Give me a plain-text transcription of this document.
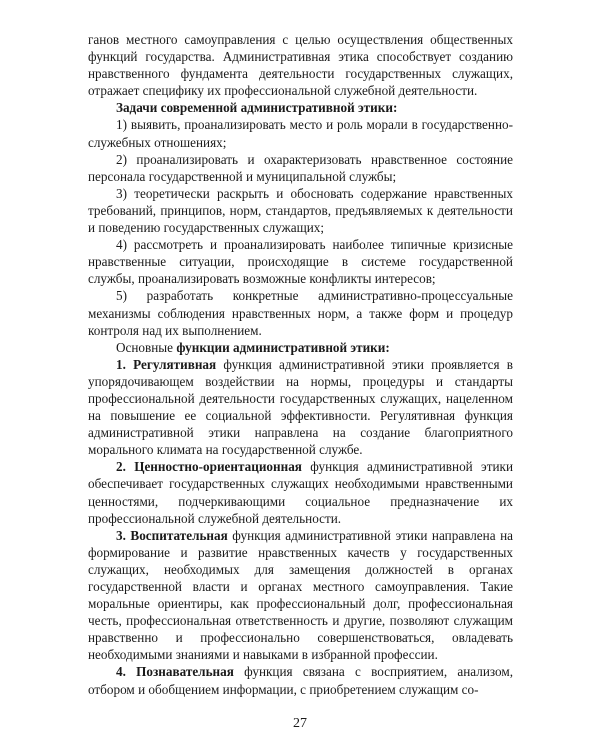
ганов местного самоуправления с целью осуществления общественных функций государства. Административная этика способствует созданию нравственного фундамента деятельности государственных служащих, отражает специфику их профессиональной служебной деятельности.

Задачи современной административной этики:

1) выявить, проанализировать место и роль морали в государственно-служебных отношениях;

2) проанализировать и охарактеризовать нравственное состояние персонала государственной и муниципальной службы;

3) теоретически раскрыть и обосновать содержание нравственных требований, принципов, норм, стандартов, предъявляемых к деятельности и поведению государственных служащих;

4) рассмотреть и проанализировать наиболее типичные кризисные нравственные ситуации, происходящие в системе государственной службы, проанализировать возможные конфликты интересов;

5) разработать конкретные административно-процессуальные механизмы соблюдения нравственных норм, а также форм и процедур контроля над их выполнением.

Основные функции административной этики:

1. Регулятивная функция административной этики проявляется в упорядочивающем воздействии на нормы, процедуры и стандарты профессиональной деятельности государственных служащих, нацеленном на повышение ее социальной эффективности. Регулятивная функция административной этики направлена на создание благоприятного морального климата на государственной службе.

2. Ценностно-ориентационная функция административной этики обеспечивает государственных служащих необходимыми нравственными ценностями, подчеркивающими социальное предназначение их профессиональной служебной деятельности.

3. Воспитательная функция административной этики направлена на формирование и развитие нравственных качеств у государственных служащих, необходимых для замещения должностей в органах государственной власти и органах местного самоуправления. Такие моральные ориентиры, как профессиональный долг, профессиональная честь, профессиональная ответственность и другие, позволяют служащим нравственно и профессионально совершенствоваться, овладевать необходимыми знаниями и навыками в избранной профессии.

4. Познавательная функция связана с восприятием, анализом, отбором и обобщением информации, с приобретением служащим со-

27
